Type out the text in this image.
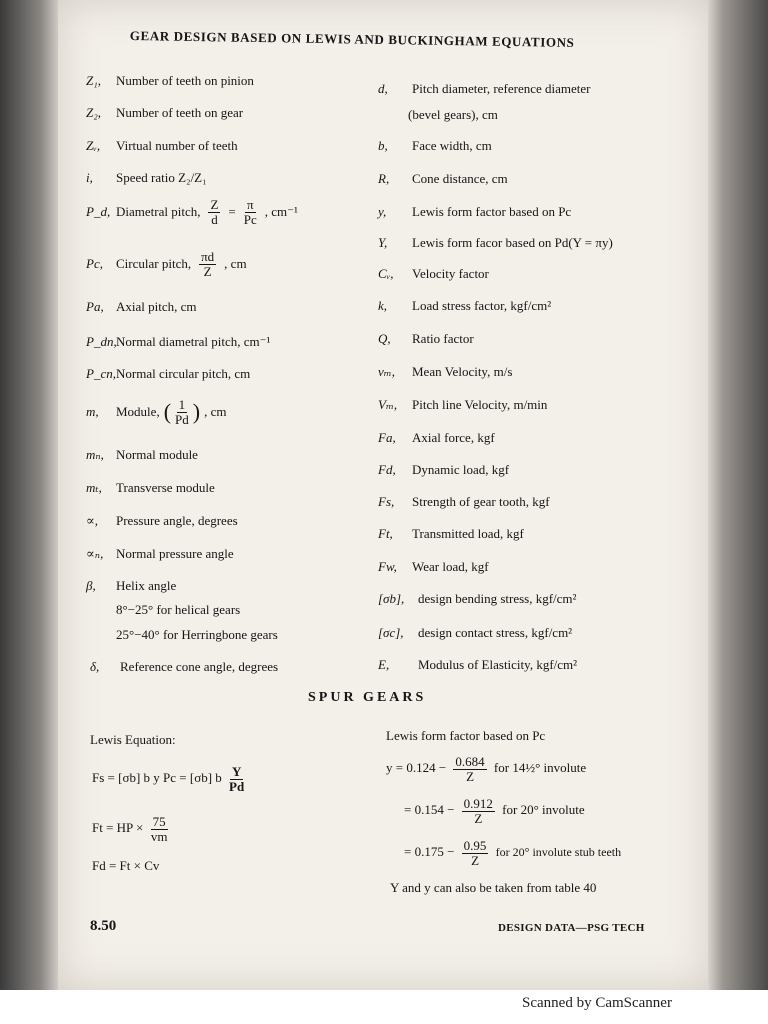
GEAR DESIGN BASED ON LEWIS AND BUCKINGHAM EQUATIONS
Z₁, Number of teeth on pinion
Z₂, Number of teeth on gear
Zᵥ, Virtual number of teeth
i, Speed ratio Z₂/Z₁
P_d, Diametral pitch, $\frac{Z}{d} = \frac{\pi}{Pc}$ , cm⁻¹
Pc, Circular pitch, $\frac{\pi d}{Z}$ , cm
Pa, Axial pitch, cm
P_dn, Normal diametral pitch, cm⁻¹
P_cn, Normal circular pitch, cm
m, Module, ( $\frac{1}{Pd}$ ) , cm
mₙ, Normal module
mₜ, Transverse module
∝, Pressure angle, degrees
∝ₙ, Normal pressure angle
β, Helix angle
8°−25° for helical gears
25°−40° for Herringbone gears
δ, Reference cone angle, degrees
d, Pitch diameter, reference diameter
(bevel gears), cm
b, Face width, cm
R, Cone distance, cm
y, Lewis form factor based on Pc
Y, Lewis form facor based on Pd(Y = πy)
Cᵥ, Velocity factor
k, Load stress factor, kgf/cm²
Q, Ratio factor
vₘ, Mean Velocity, m/s
Vₘ, Pitch line Velocity, m/min
Fa, Axial force, kgf
Fd, Dynamic load, kgf
Fs, Strength of gear tooth, kgf
Ft, Transmitted load, kgf
Fw, Wear load, kgf
[σb], design bending stress, kgf/cm²
[σc], design contact stress, kgf/cm²
E, Modulus of Elasticity, kgf/cm²
SPUR GEARS
Lewis Equation:
Fs = [σb] b y Pc = [σb] b $\frac{Y}{Pd}$
Ft = HP × $\frac{75}{vm}$
Fd = Ft × Cv
Lewis form factor based on Pc
$y = 0.124 - \frac{0.684}{Z}$ for 14½° involute
= $0.154 - \frac{0.912}{Z}$ for 20° involute
= $0.175 - \frac{0.95}{Z}$ for 20° involute stub teeth
Y and y can also be taken from table 40
8.50	DESIGN DATA—PSG TECH
Scanned by CamScanner
